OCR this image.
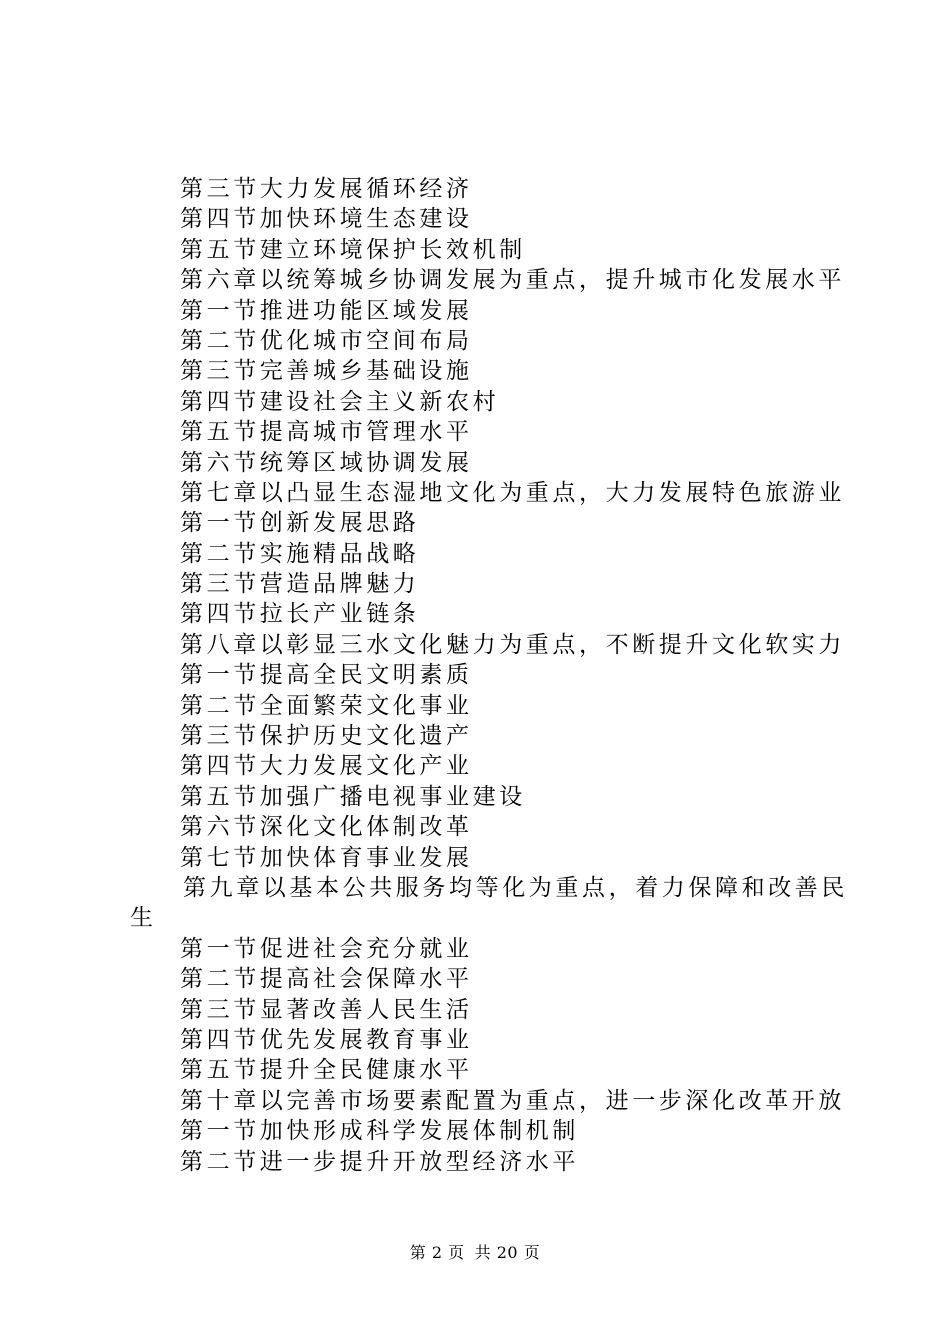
第三节大力发展循环经济
第四节加快环境生态建设
第五节建立环境保护长效机制
第六章以统筹城乡协调发展为重点，提升城市化发展水平
第一节推进功能区域发展
第二节优化城市空间布局
第三节完善城乡基础设施
第四节建设社会主义新农村
第五节提高城市管理水平
第六节统筹区域协调发展
第七章以凸显生态湿地文化为重点，大力发展特色旅游业
第一节创新发展思路
第二节实施精品战略
第三节营造品牌魅力
第四节拉长产业链条
第八章以彰显三水文化魅力为重点，不断提升文化软实力
第一节提高全民文明素质
第二节全面繁荣文化事业
第三节保护历史文化遗产
第四节大力发展文化产业
第五节加强广播电视事业建设
第六节深化文化体制改革
第七节加快体育事业发展
第九章以基本公共服务均等化为重点，着力保障和改善民
生
第一节促进社会充分就业
第二节提高社会保障水平
第三节显著改善人民生活
第四节优先发展教育事业
第五节提升全民健康水平
第十章以完善市场要素配置为重点，进一步深化改革开放
第一节加快形成科学发展体制机制
第二节进一步提升开放型经济水平
第 2 页 共 20 页
